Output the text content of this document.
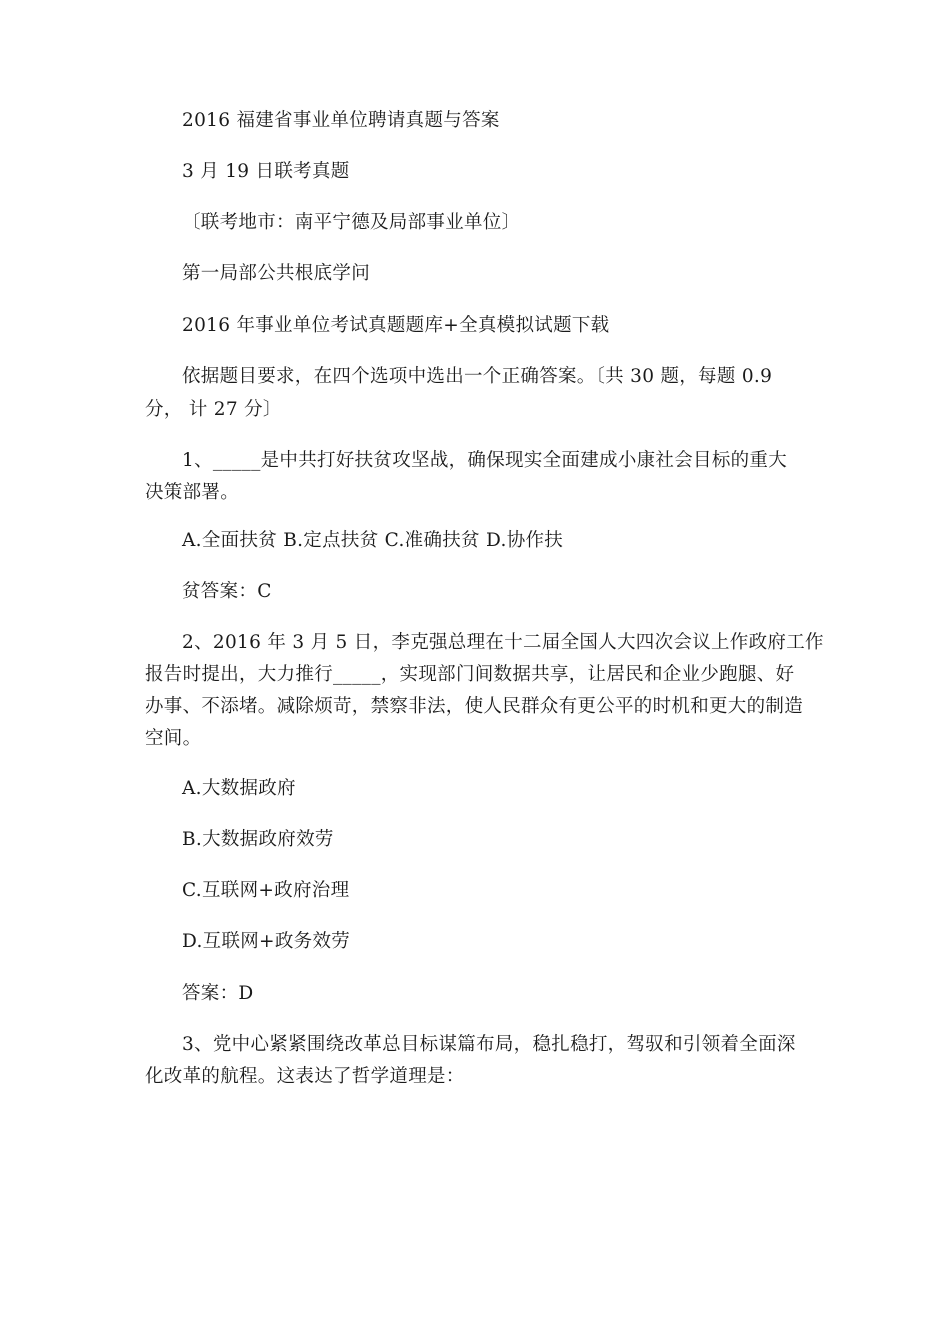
2016 福建省事业单位聘请真题与答案
3 月 19 日联考真题
〔联考地市：南平宁德及局部事业单位〕
第一局部公共根底学问
2016 年事业单位考试真题题库+全真模拟试题下载
依据题目要求，在四个选项中选出一个正确答案。〔共 30 题，每题 0.9
分， 计 27 分〕
1、_____是中共打好扶贫攻坚战，确保现实全面建成小康社会目标的重大
决策部署。
A.全面扶贫 B.定点扶贫 C.准确扶贫 D.协作扶
贫答案：C
2、2016 年 3 月 5 日，李克强总理在十二届全国人大四次会议上作政府工作
报告时提出，大力推行_____，实现部门间数据共享，让居民和企业少跑腿、好
办事、不添堵。减除烦苛，禁察非法，使人民群众有更公平的时机和更大的制造
空间。
A.大数据政府
B.大数据政府效劳
C.互联网+政府治理
D.互联网+政务效劳
答案：D
3、党中心紧紧围绕改革总目标谋篇布局，稳扎稳打，驾驭和引领着全面深
化改革的航程。这表达了哲学道理是：
